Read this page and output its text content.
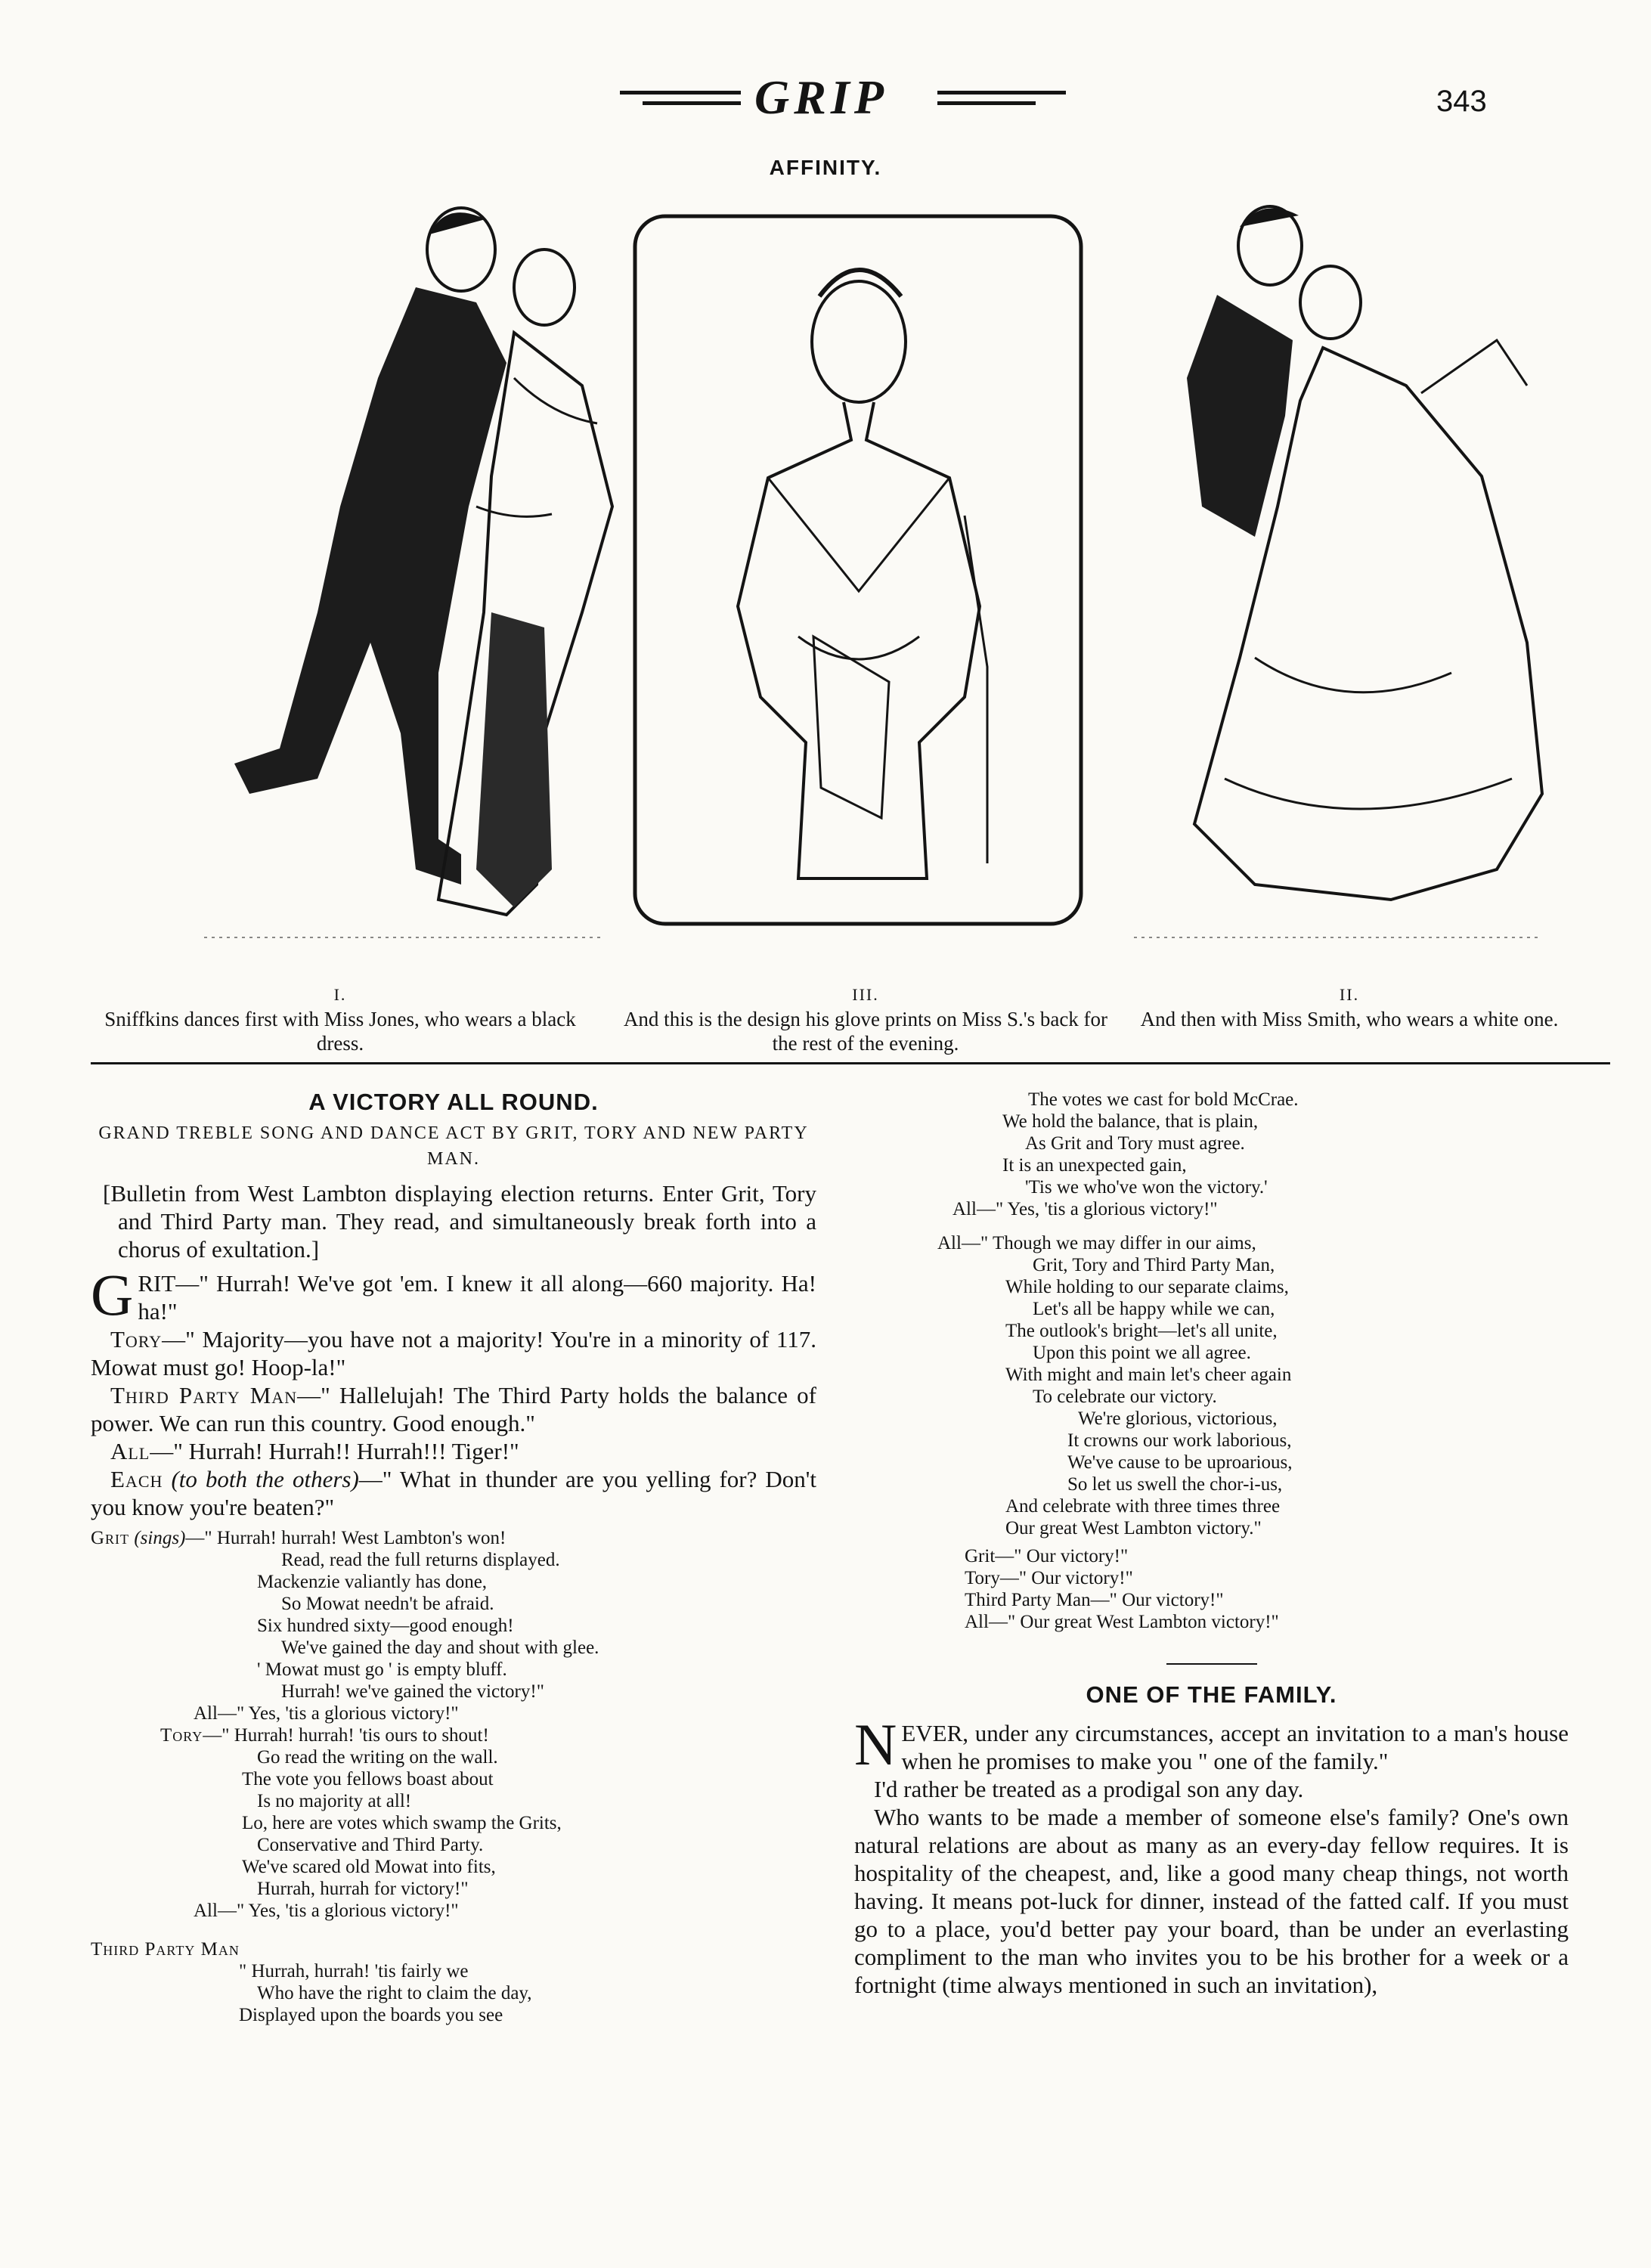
GRIP	343
AFFINITY.
I.
Sniffkins dances first with Miss Jones, who wears a black dress.
III.
And this is the design his glove prints on Miss S.'s back for the rest of the evening.
II.
And then with Miss Smith, who wears a white one.
A VICTORY ALL ROUND.
GRAND TREBLE SONG AND DANCE ACT BY GRIT, TORY AND NEW PARTY MAN.

[Bulletin from West Lambton displaying election returns. Enter Grit, Tory and Third Party man. They read, and simultaneously break forth into a chorus of exultation.]

GRIT—" Hurrah! We've got 'em. I knew it all along—660 majority. Ha! ha!"

Tory—" Majority—you have not a majority! You're in a minority of 117. Mowat must go! Hoop-la!"

Third Party Man—" Hallelujah! The Third Party holds the balance of power. We can run this country. Good enough."

All—" Hurrah! Hurrah!! Hurrah!!! Tiger!"

Each (to both the others)—" What in thunder are you yelling for? Don't you know you're beaten?"

Grit (sings)—" Hurrah! hurrah! West Lambton's won!
Read, read the full returns displayed.
Mackenzie valiantly has done,
So Mowat needn't be afraid.
Six hundred sixty—good enough!
We've gained the day and shout with glee.
' Mowat must go ' is empty bluff.
Hurrah! we've gained the victory!"
All—" Yes, 'tis a glorious victory!"
Tory—" Hurrah! hurrah! 'tis ours to shout!
Go read the writing on the wall.
The vote you fellows boast about
Is no majority at all!
Lo, here are votes which swamp the Grits,
Conservative and Third Party.
We've scared old Mowat into fits,
Hurrah, hurrah for victory!"
All—" Yes, 'tis a glorious victory!"
Third Party Man
" Hurrah, hurrah! 'tis fairly we
Who have the right to claim the day,
Displayed upon the boards you see
The votes we cast for bold McCrae.
We hold the balance, that is plain,
As Grit and Tory must agree.
It is an unexpected gain,
'Tis we who've won the victory.'
All—" Yes, 'tis a glorious victory!"
All—" Though we may differ in our aims,
Grit, Tory and Third Party Man,
While holding to our separate claims,
Let's all be happy while we can,
The outlook's bright—let's all unite,
Upon this point we all agree.
With might and main let's cheer again
To celebrate our victory.
We're glorious, victorious,
It crowns our work laborious,
We've cause to be uproarious,
So let us swell the chor-i-us,
And celebrate with three times three
Our great West Lambton victory."
Grit—" Our victory!"
Tory—" Our victory!"
Third Party Man—" Our victory!"
All—" Our great West Lambton victory!"
ONE OF THE FAMILY.

NEVER, under any circumstances, accept an invitation to a man's house when he promises to make you " one of the family."

I'd rather be treated as a prodigal son any day.

Who wants to be made a member of someone else's family? One's own natural relations are about as many as an every-day fellow requires. It is hospitality of the cheapest, and, like a good many cheap things, not worth having. It means pot-luck for dinner, instead of the fatted calf. If you must go to a place, you'd better pay your board, than be under an everlasting compliment to the man who invites you to be his brother for a week or a fortnight (time always mentioned in such an invitation),
